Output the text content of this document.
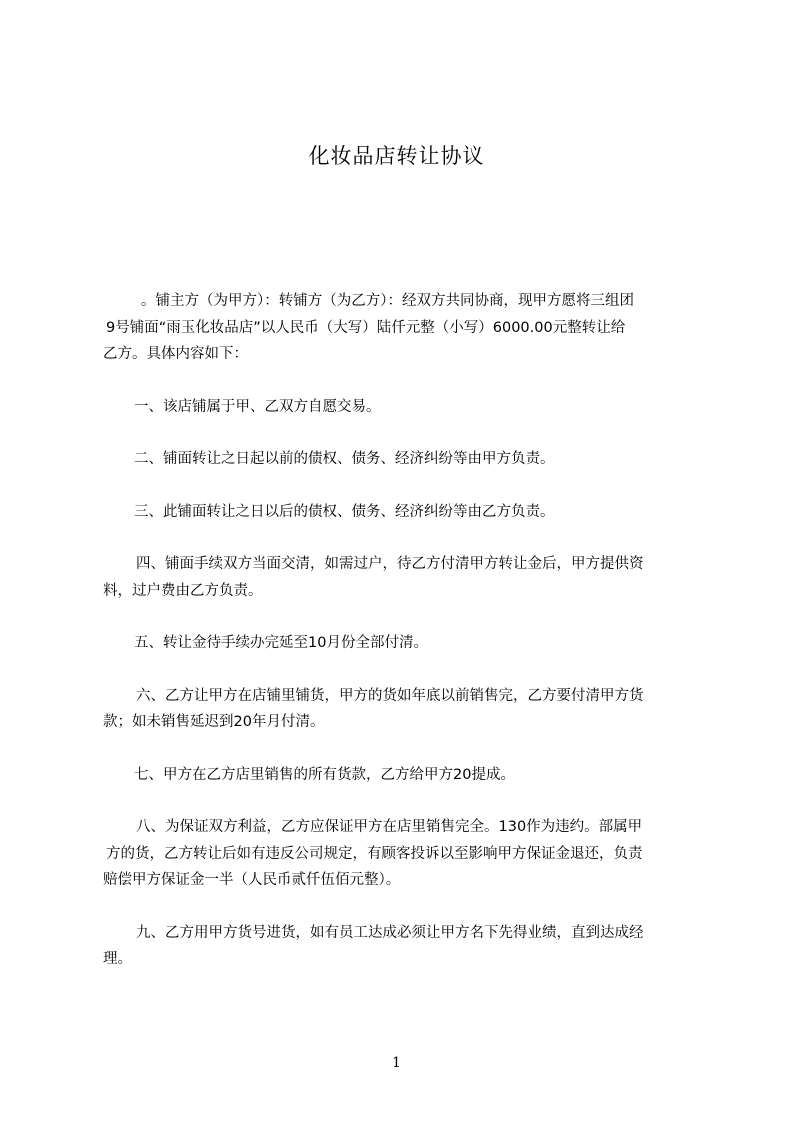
化妆品店转让协议

。铺主方（为甲方）：转铺方（为乙方）：经双方共同协商，现甲方愿将三组团
9号铺面“雨玉化妆品店”以人民币（大写）陆仟元整（小写）6000.00元整转让给
乙方。具体内容如下：

一、该店铺属于甲、乙双方自愿交易。

二、铺面转让之日起以前的债权、债务、经济纠纷等由甲方负责。

三、此铺面转让之日以后的债权、债务、经济纠纷等由乙方负责。

四、铺面手续双方当面交清，如需过户，待乙方付清甲方转让金后，甲方提供资
料，过户费由乙方负责。

五、转让金待手续办完延至10月份全部付清。

六、乙方让甲方在店铺里铺货，甲方的货如年底以前销售完，乙方要付清甲方货
款；如未销售延迟到20年月付清。

七、甲方在乙方店里销售的所有货款，乙方给甲方20提成。

八、为保证双方利益，乙方应保证甲方在店里销售完全。130作为违约。部属甲
方的货，乙方转让后如有违反公司规定，有顾客投诉以至影响甲方保证金退还，负责
赔偿甲方保证金一半（人民币贰仟伍佰元整）。

九、乙方用甲方货号进货，如有员工达成必须让甲方名下先得业绩，直到达成经
理。

1
